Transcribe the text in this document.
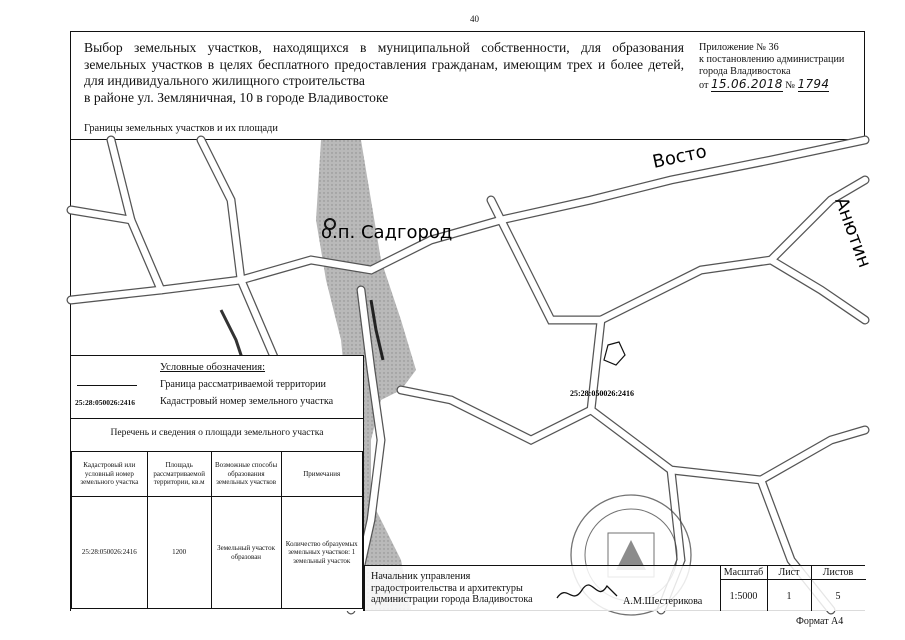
40
Выбор земельных участков, находящихся в муниципальной собственности, для образования земельных участков в целях бесплатного предоставления гражданам, имеющим трех и более детей, для индивидуального жилищного строительства
в районе ул. Земляничная, 10 в городе Владивостоке
Приложение № 36
к постановлению администрации
города Владивостока
от 15.06.2018 № 1794
Границы земельных участков и их площади
о.п. Садгород
Восто
Анютин
25:28:050026:2416
Условные обозначения:
Граница рассматриваемой территории
25:28:050026:2416 Кадастровый номер земельного участка
Перечень и сведения о площади земельного участка
Кадастровый или условный номер земельного участка	Площадь рассматриваемой территории, кв.м	Возможные способы образования земельных участков	Примечания
25:28:050026:2416	1200	Земельный участок образован	Количество образуемых земельных участков: 1 земельный участок
Начальник управления
градостроительства и архитектуры
администрации города Владивостока	А.М.Шестерикова
Масштаб	Лист	Листов
1:5000	1	5
Формат А4
